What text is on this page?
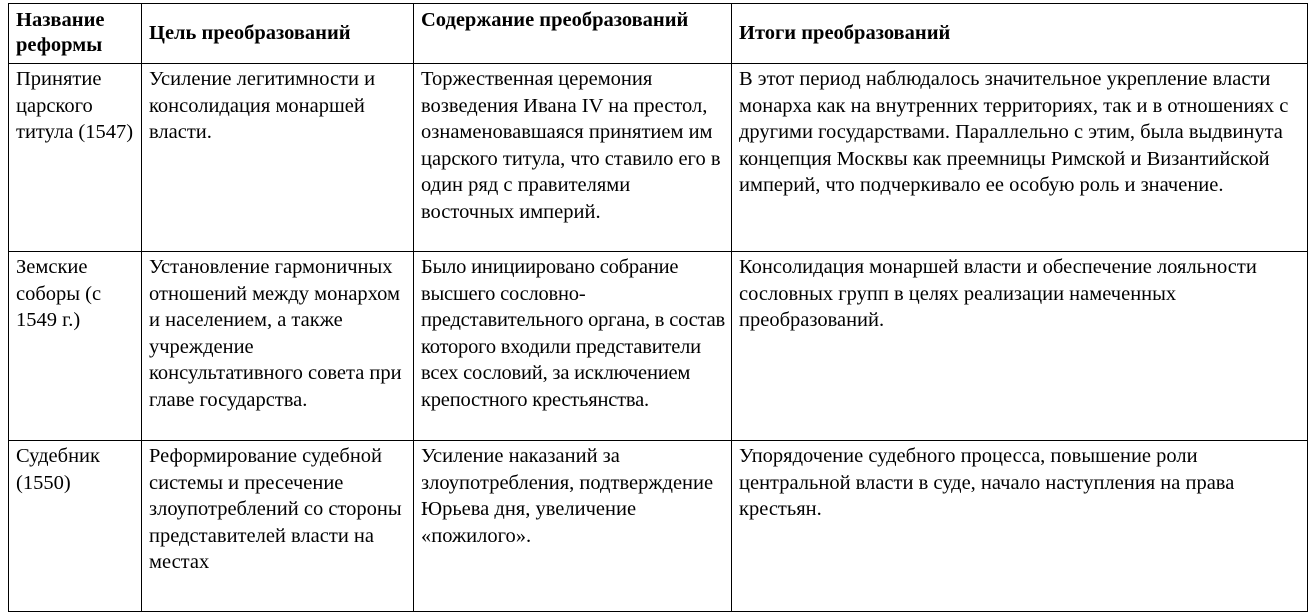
Название реформы	Цель преобразований	Содержание преобразований	Итоги преобразований
Принятие царского титула (1547)	Усиление легитимности и консолидация монаршей власти.	Торжественная церемония возведения Ивана IV на престол, ознаменовавшаяся принятием им царского титула, что ставило его в один ряд с правителями восточных империй.	В этот период наблюдалось значительное укрепление власти монарха как на внутренних территориях, так и в отношениях с другими государствами. Параллельно с этим, была выдвинута концепция Москвы как преемницы Римской и Византийской империй, что подчеркивало ее особую роль и значение.
Земские соборы (с 1549 г.)	Установление гармоничных отношений между монархом и населением, а также учреждение консультативного совета при главе государства.	Было инициировано собрание высшего сословно-представительного органа, в состав которого входили представители всех сословий, за исключением крепостного крестьянства.	Консолидация монаршей власти и обеспечение лояльности сословных групп в целях реализации намеченных преобразований.
Судебник (1550)	Реформирование судебной системы и пресечение злоупотреблений со стороны представителей власти на местах	Усиление наказаний за злоупотребления, подтверждение Юрьева дня, увеличение «пожилого».	Упорядочение судебного процесса, повышение роли центральной власти в суде, начало наступления на права крестьян.
